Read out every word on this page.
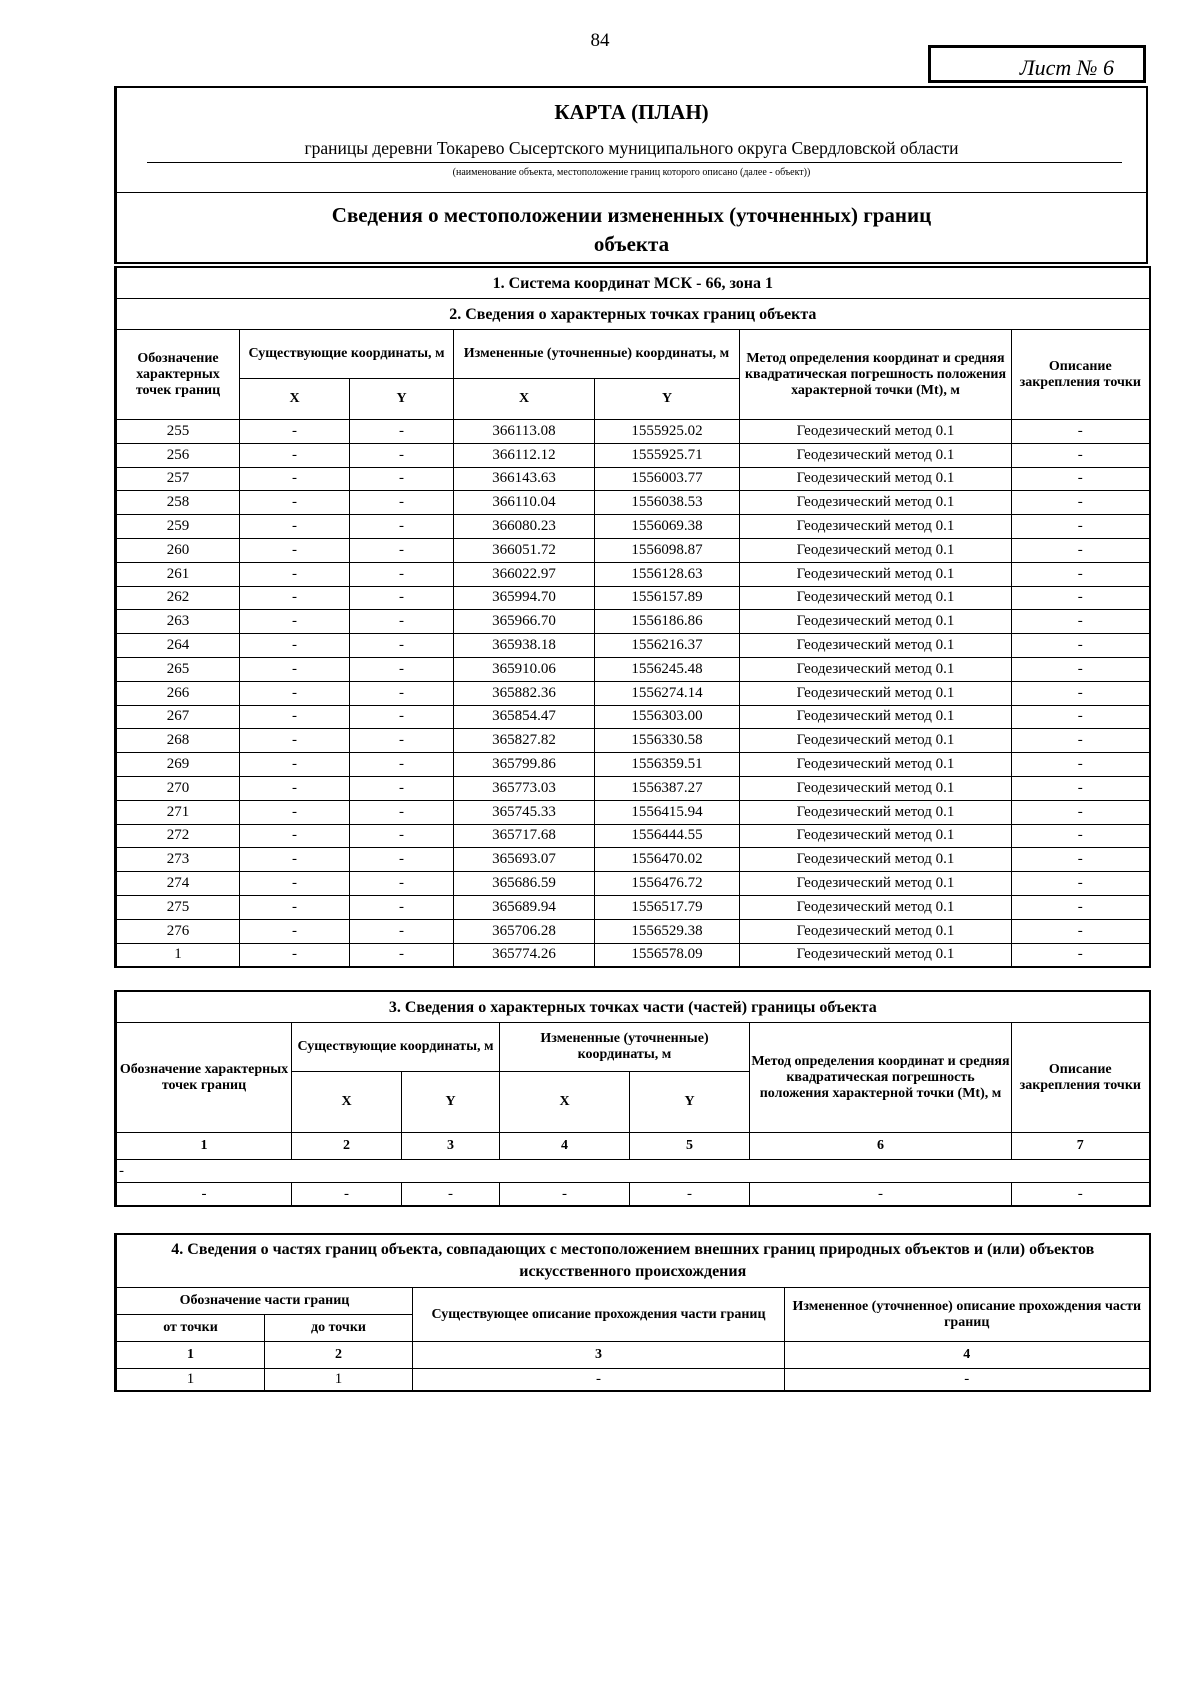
84
Лист № 6
КАРТА (ПЛАН)
границы деревни Токарево Сысертского муниципального округа Свердловской области
(наименование объекта, местоположение границ которого описано (далее - объект))
Сведения о местоположении измененных (уточненных) границ
объекта
1. Система координат МСК - 66, зона 1						
2. Сведения о характерных точках границ объекта						
Обозначение характерных точек границ	Существующие координаты, м		Измененные (уточненные) координаты, м		Метод определения координат и средняя квадратическая погрешность положения характерной точки (Mt), м	Описание закрепления точки
	X	Y	X	Y		
255	-	-	366113.08	1555925.02	Геодезический метод 0.1	-
256	-	-	366112.12	1555925.71	Геодезический метод 0.1	-
257	-	-	366143.63	1556003.77	Геодезический метод 0.1	-
258	-	-	366110.04	1556038.53	Геодезический метод 0.1	-
259	-	-	366080.23	1556069.38	Геодезический метод 0.1	-
260	-	-	366051.72	1556098.87	Геодезический метод 0.1	-
261	-	-	366022.97	1556128.63	Геодезический метод 0.1	-
262	-	-	365994.70	1556157.89	Геодезический метод 0.1	-
263	-	-	365966.70	1556186.86	Геодезический метод 0.1	-
264	-	-	365938.18	1556216.37	Геодезический метод 0.1	-
265	-	-	365910.06	1556245.48	Геодезический метод 0.1	-
266	-	-	365882.36	1556274.14	Геодезический метод 0.1	-
267	-	-	365854.47	1556303.00	Геодезический метод 0.1	-
268	-	-	365827.82	1556330.58	Геодезический метод 0.1	-
269	-	-	365799.86	1556359.51	Геодезический метод 0.1	-
270	-	-	365773.03	1556387.27	Геодезический метод 0.1	-
271	-	-	365745.33	1556415.94	Геодезический метод 0.1	-
272	-	-	365717.68	1556444.55	Геодезический метод 0.1	-
273	-	-	365693.07	1556470.02	Геодезический метод 0.1	-
274	-	-	365686.59	1556476.72	Геодезический метод 0.1	-
275	-	-	365689.94	1556517.79	Геодезический метод 0.1	-
276	-	-	365706.28	1556529.38	Геодезический метод 0.1	-
1	-	-	365774.26	1556578.09	Геодезический метод 0.1	-
3. Сведения о характерных точках части (частей) границы объекта						
Обозначение характерных точек границ	Существующие координаты, м		Измененные (уточненные) координаты, м		Метод определения координат и средняя квадратическая погрешность положения характерной точки (Mt), м	Описание закрепления точки
	X	Y	X	Y		
1	2	3	4	5	6	7
-						
-	-	-	-	-	-	-
4. Сведения о частях границ объекта, совпадающих с местоположением внешних границ природных объектов и (или) объектов искусственного происхождения			
Обозначение части границ		Существующее описание прохождения части границ	Измененное (уточненное) описание прохождения части границ
от точки	до точки		
1	2	3	4
1	1	-	-
